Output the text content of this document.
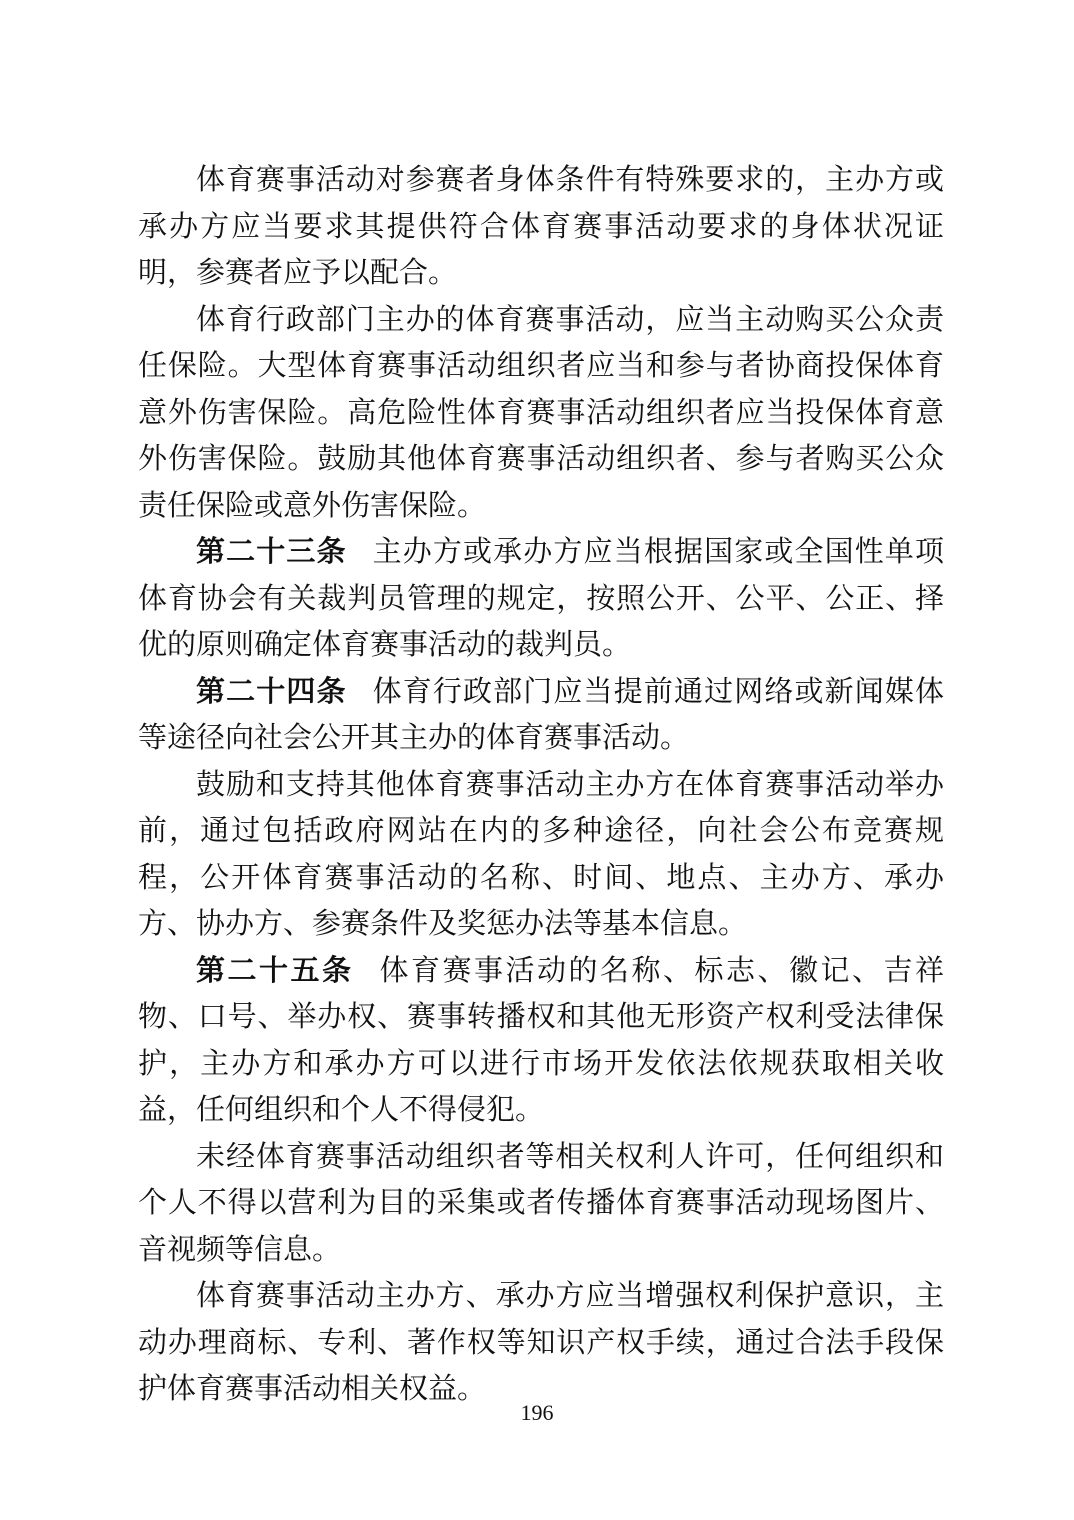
体育赛事活动对参赛者身体条件有特殊要求的，主办方或承办方应当要求其提供符合体育赛事活动要求的身体状况证明，参赛者应予以配合。

体育行政部门主办的体育赛事活动，应当主动购买公众责任保险。大型体育赛事活动组织者应当和参与者协商投保体育意外伤害保险。高危险性体育赛事活动组织者应当投保体育意外伤害保险。鼓励其他体育赛事活动组织者、参与者购买公众责任保险或意外伤害保险。

第二十三条 主办方或承办方应当根据国家或全国性单项体育协会有关裁判员管理的规定，按照公开、公平、公正、择优的原则确定体育赛事活动的裁判员。

第二十四条 体育行政部门应当提前通过网络或新闻媒体等途径向社会公开其主办的体育赛事活动。

鼓励和支持其他体育赛事活动主办方在体育赛事活动举办前，通过包括政府网站在内的多种途径，向社会公布竞赛规程，公开体育赛事活动的名称、时间、地点、主办方、承办方、协办方、参赛条件及奖惩办法等基本信息。

第二十五条 体育赛事活动的名称、标志、徽记、吉祥物、口号、举办权、赛事转播权和其他无形资产权利受法律保护，主办方和承办方可以进行市场开发依法依规获取相关收益，任何组织和个人不得侵犯。

未经体育赛事活动组织者等相关权利人许可，任何组织和个人不得以营利为目的采集或者传播体育赛事活动现场图片、音视频等信息。

体育赛事活动主办方、承办方应当增强权利保护意识，主动办理商标、专利、著作权等知识产权手续，通过合法手段保护体育赛事活动相关权益。

196
